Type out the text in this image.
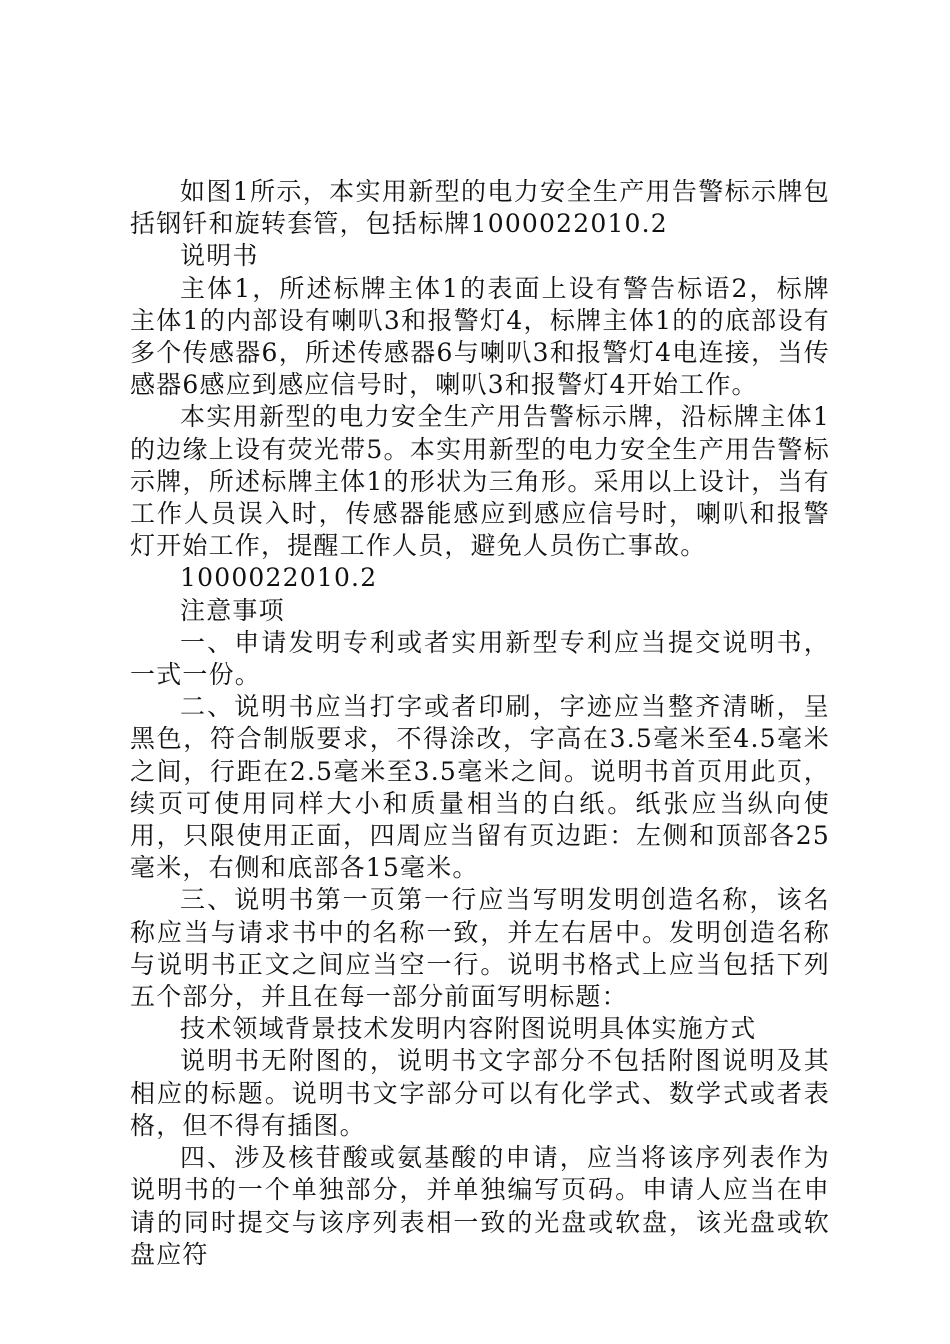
如图1所示，本实用新型的电力安全生产用告警标示牌包括钢钎和旋转套管，包括标牌1000022010.2

说明书

主体1，所述标牌主体1的表面上设有警告标语2，标牌主体1的内部设有喇叭3和报警灯4，标牌主体1的的底部设有多个传感器6，所述传感器6与喇叭3和报警灯4电连接，当传感器6感应到感应信号时，喇叭3和报警灯4开始工作。

本实用新型的电力安全生产用告警标示牌，沿标牌主体1的边缘上设有荧光带5。本实用新型的电力安全生产用告警标示牌，所述标牌主体1的形状为三角形。采用以上设计，当有工作人员误入时，传感器能感应到感应信号时，喇叭和报警灯开始工作，提醒工作人员，避免人员伤亡事故。

1000022010.2

注意事项

一、申请发明专利或者实用新型专利应当提交说明书，一式一份。

二、说明书应当打字或者印刷，字迹应当整齐清晰，呈黑色，符合制版要求，不得涂改，字高在3.5毫米至4.5毫米之间，行距在2.5毫米至3.5毫米之间。说明书首页用此页，续页可使用同样大小和质量相当的白纸。纸张应当纵向使用，只限使用正面，四周应当留有页边距：左侧和顶部各25毫米，右侧和底部各15毫米。

三、说明书第一页第一行应当写明发明创造名称，该名称应当与请求书中的名称一致，并左右居中。发明创造名称与说明书正文之间应当空一行。说明书格式上应当包括下列五个部分，并且在每一部分前面写明标题：

技术领域背景技术发明内容附图说明具体实施方式

说明书无附图的，说明书文字部分不包括附图说明及其相应的标题。说明书文字部分可以有化学式、数学式或者表格，但不得有插图。

四、涉及核苷酸或氨基酸的申请，应当将该序列表作为说明书的一个单独部分，并单独编写页码。申请人应当在申请的同时提交与该序列表相一致的光盘或软盘，该光盘或软盘应符
